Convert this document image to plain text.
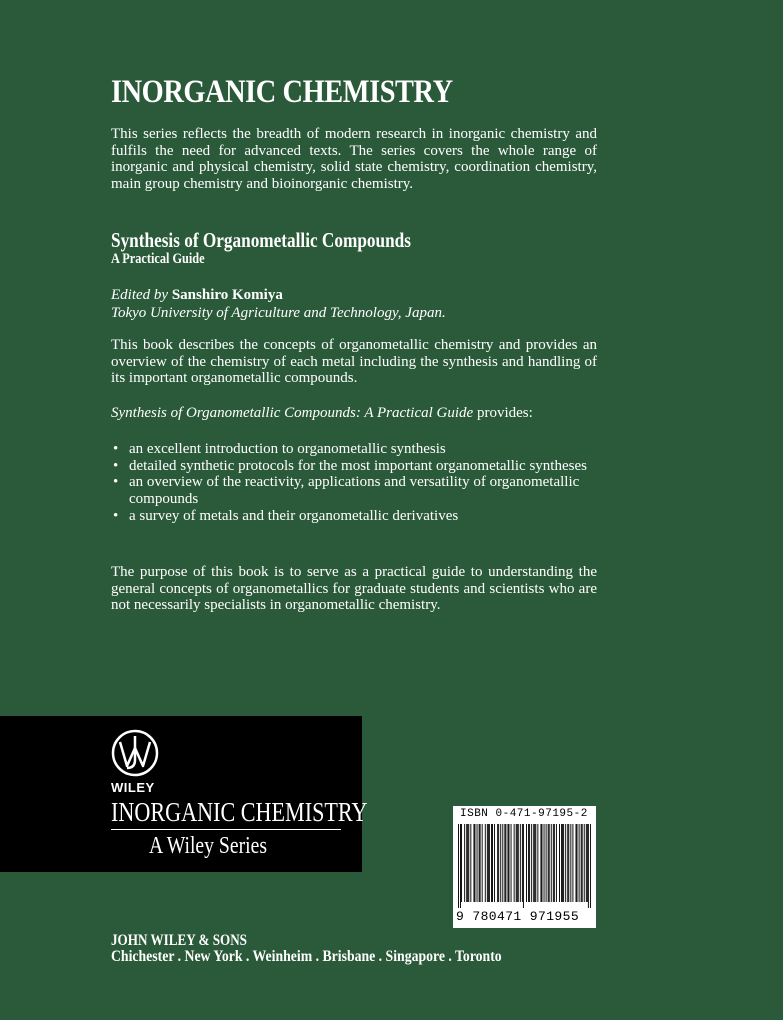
INORGANIC CHEMISTRY
This series reflects the breadth of modern research in inorganic chemistry and fulfils the need for advanced texts. The series covers the whole range of inorganic and physical chemistry, solid state chemistry, coordination chemistry, main group chemistry and bioinorganic chemistry.
Synthesis of Organometallic Compounds
A Practical Guide
Edited by Sanshiro Komiya
Tokyo University of Agriculture and Technology, Japan.
This book describes the concepts of organometallic chemistry and provides an overview of the chemistry of each metal including the synthesis and handling of its important organometallic compounds.
Synthesis of Organometallic Compounds: A Practical Guide provides:
• an excellent introduction to organometallic synthesis
• detailed synthetic protocols for the most important organometallic syntheses
• an overview of the reactivity, applications and versatility of organometallic compounds
• a survey of metals and their organometallic derivatives
The purpose of this book is to serve as a practical guide to understanding the general concepts of organometallics for graduate students and scientists who are not necessarily specialists in organometallic chemistry.
WILEY
INORGANIC CHEMISTRY
A Wiley Series
ISBN 0-471-97195-2
9 780471 971955
JOHN WILEY & SONS
Chichester . New York . Weinheim . Brisbane . Singapore . Toronto
